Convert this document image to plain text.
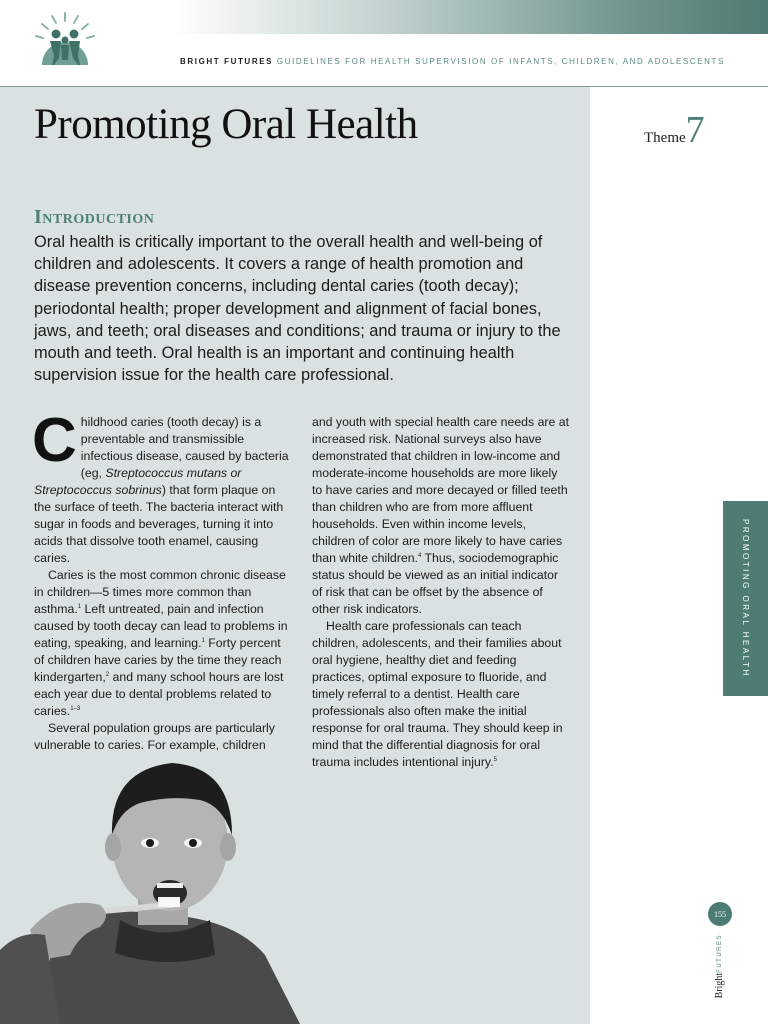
BRIGHT FUTURES GUIDELINES FOR HEALTH SUPERVISION OF INFANTS, CHILDREN, AND ADOLESCENTS
Promoting Oral Health	Theme7
Introduction
Oral health is critically important to the overall health and well-being of children and adolescents. It covers a range of health promotion and disease prevention concerns, including dental caries (tooth decay); periodontal health; proper development and alignment of facial bones, jaws, and teeth; oral diseases and conditions; and trauma or injury to the mouth and teeth. Oral health is an important and continuing health supervision issue for the health care professional.

Childhood caries (tooth decay) is a preventable and transmissible infectious disease, caused by bacteria (eg, Streptococcus mutans or Streptococcus sobrinus) that form plaque on the surface of teeth. The bacteria interact with sugar in foods and beverages, turning it into acids that dissolve tooth enamel, causing caries.

Caries is the most common chronic disease in children—5 times more common than asthma.$^1$ Left untreated, pain and infection caused by tooth decay can lead to problems in eating, speaking, and learning.$^1$ Forty percent of children have caries by the time they reach kindergarten,$^2$ and many school hours are lost each year due to dental problems related to caries.$^{1-3}$

Several population groups are particularly vulnerable to caries. For example, children

and youth with special health care needs are at increased risk. National surveys also have demonstrated that children in low-income and moderate-income households are more likely to have caries and more decayed or filled teeth than children who are from more affluent households. Even within income levels, children of color are more likely to have caries than white children.$^4$ Thus, sociodemographic status should be viewed as an initial indicator of risk that can be offset by the absence of other risk indicators.

Health care professionals can teach children, adolescents, and their families about oral hygiene, healthy diet and feeding practices, optimal exposure to fluoride, and timely referral to a dentist. Health care professionals also often make the initial response for oral trauma. They should keep in mind that the differential diagnosis for oral trauma includes intentional injury.$^5$

PROMOTING ORAL HEALTH
155
BrightFUTURES
